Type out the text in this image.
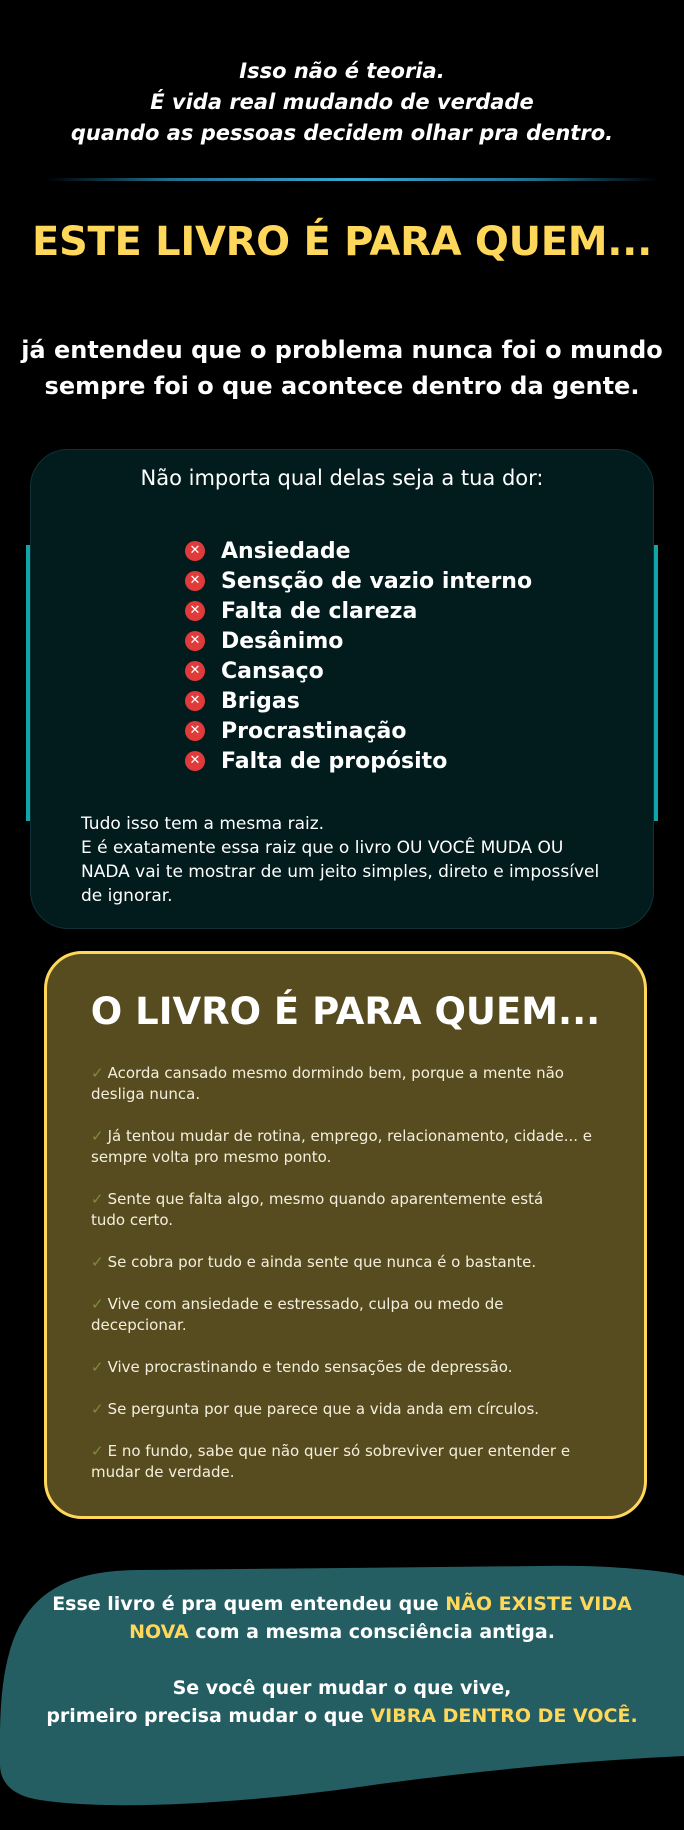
Isso não é teoria.
É vida real mudando de verdade
quando as pessoas decidem olhar pra dentro.
ESTE LIVRO É PARA QUEM...
já entendeu que o problema nunca foi o mundo
sempre foi o que acontece dentro da gente.
Não importa qual delas seja a tua dor:
✕ Ansiedade
✕ Sensção de vazio interno
✕ Falta de clareza
✕ Desânimo
✕ Cansaço
✕ Brigas
✕ Procrastinação
✕ Falta de propósito
Tudo isso tem a mesma raiz.
E é exatamente essa raiz que o livro OU VOCÊ MUDA OU
NADA vai te mostrar de um jeito simples, direto e impossível
de ignorar.
O LIVRO É PARA QUEM...
✓ Acorda cansado mesmo dormindo bem, porque a mente não
desliga nunca.
✓ Já tentou mudar de rotina, emprego, relacionamento, cidade... e
sempre volta pro mesmo ponto.
✓ Sente que falta algo, mesmo quando aparentemente está
tudo certo.
✓ Se cobra por tudo e ainda sente que nunca é o bastante.
✓ Vive com ansiedade e estressado, culpa ou medo de
decepcionar.
✓ Vive procrastinando e tendo sensações de depressão.
✓ Se pergunta por que parece que a vida anda em círculos.
✓ E no fundo, sabe que não quer só sobreviver quer entender e
mudar de verdade.
Esse livro é pra quem entendeu que NÃO EXISTE VIDA
NOVA com a mesma consciência antiga.
Se você quer mudar o que vive,
primeiro precisa mudar o que VIBRA DENTRO DE VOCÊ.
